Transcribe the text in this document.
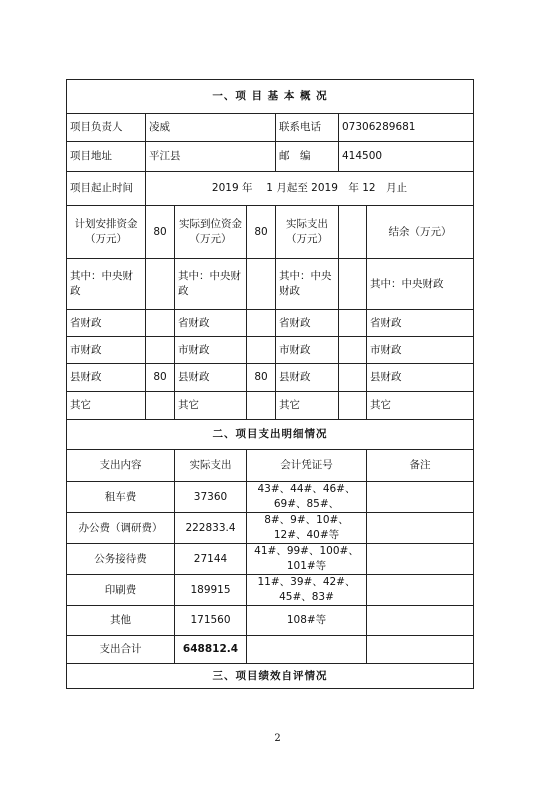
一、项 目 基 本 概 况						
项目负责人	凌威			联系电话	07306289681	
项目地址	平江县			邮　编	414500	
项目起止时间	2019 年　 1 月起至 2019　年 12　月止					
计划安排资金（万元）	80	实际到位资金（万元）	80	实际支出（万元）		结余（万元）
其中：中央财政		其中：中央财政		其中：中央财政		其中：中央财政
省财政		省财政		省财政		省财政
市财政		市财政		市财政		市财政
县财政	80	县财政	80	县财政		县财政
其它		其它		其它		其它
二、项目支出明细情况						
支出内容		实际支出	会计凭证号			备注
租车费		37360	43#、44#、46#、69#、85#、			
办公费（调研费）		222833.4	8#、9#、10#、12#、40#等			
公务接待费		27144	41#、99#、100#、101#等			
印刷费		189915	11#、39#、42#、45#、83#			
其他		171560	108#等			
支出合计		648812.4				
三、项目绩效自评情况						
2
